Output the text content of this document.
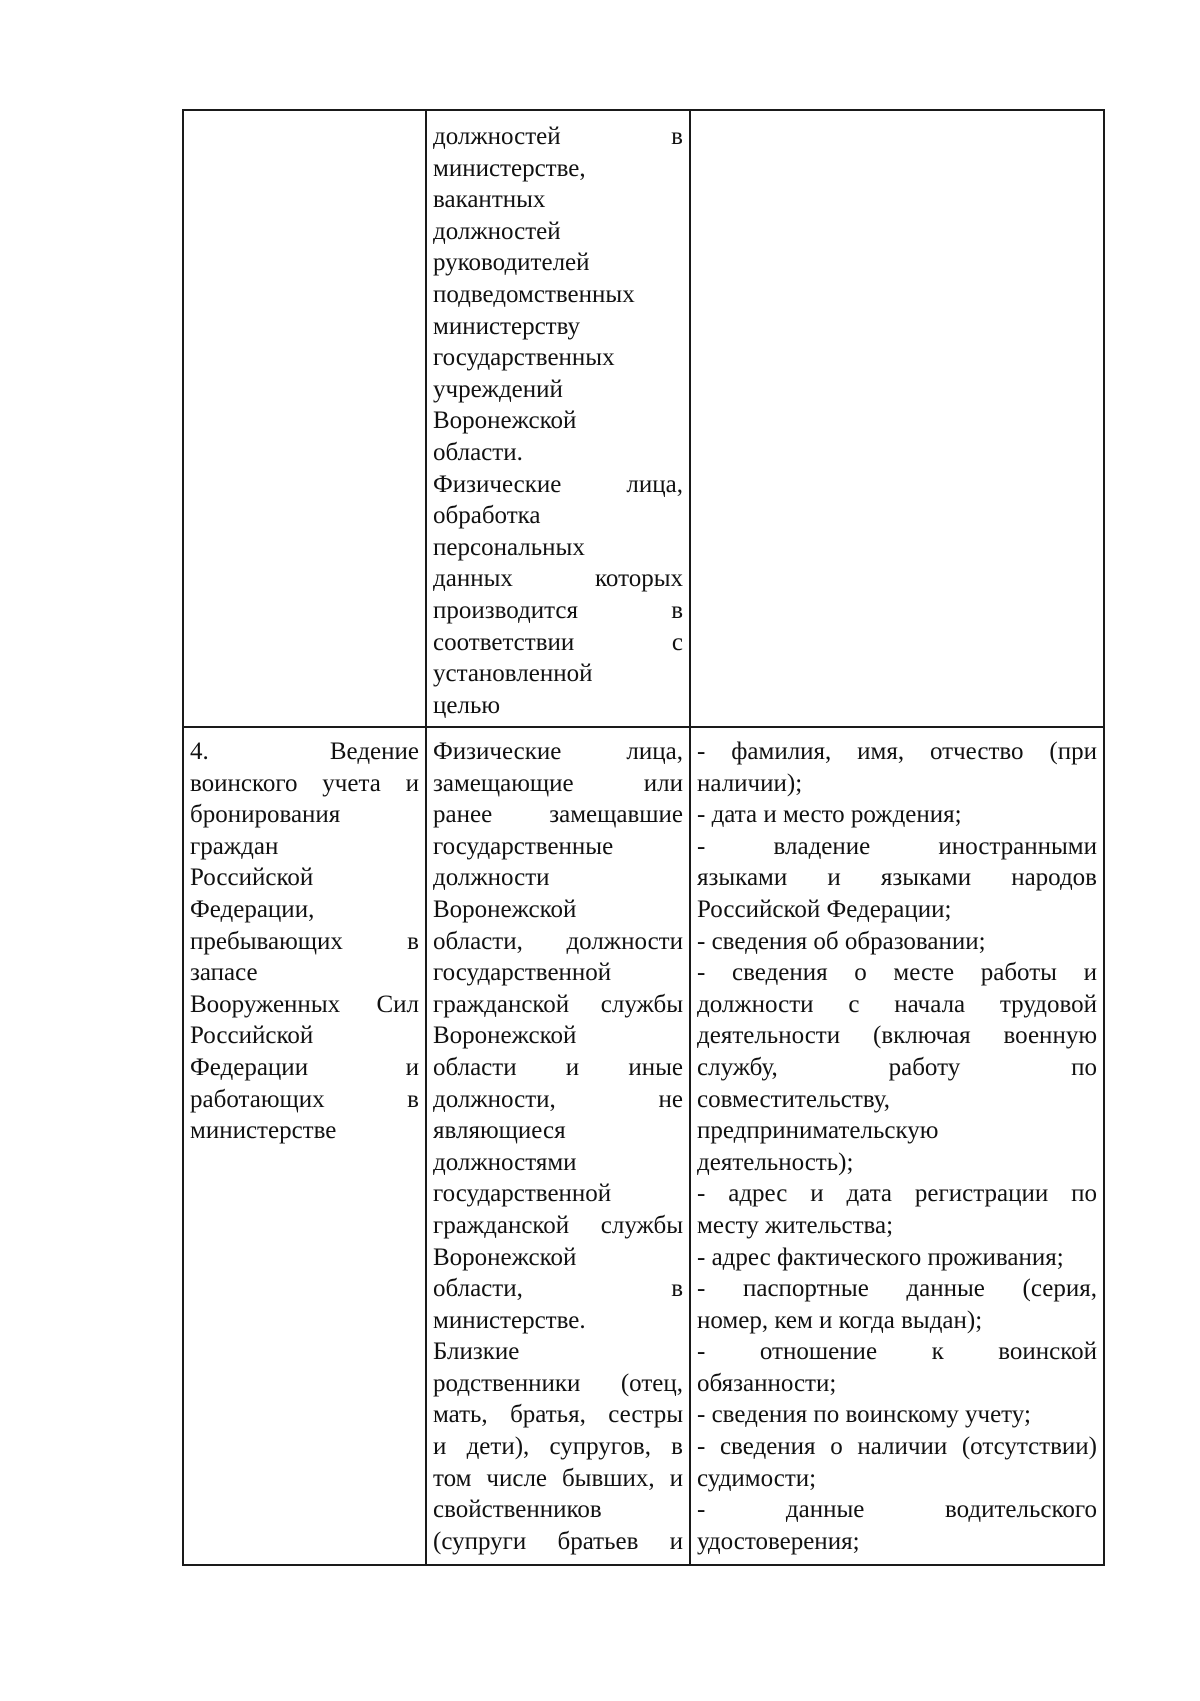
должностей в
министерстве,
вакантных
должностей
руководителей
подведомственных
министерству
государственных
учреждений
Воронежской
области.
Физические лица,
обработка
персональных
данных которых
производится в
соответствии с
установленной
целью
4. Ведение
воинского учета и
бронирования
граждан
Российской
Федерации,
пребывающих в
запасе
Вооруженных Сил
Российской
Федерации и
работающих в
министерстве
Физические лица,
замещающие или
ранее замещавшие
государственные
должности
Воронежской
области, должности
государственной
гражданской службы
Воронежской
области и иные
должности, не
являющиеся
должностями
государственной
гражданской службы
Воронежской
области, в
министерстве.
Близкие
родственники (отец,
мать, братья, сестры
и дети), супругов, в
том числе бывших, и
свойственников
(супруги братьев и
- фамилия, имя, отчество (при
наличии);
- дата и место рождения;
- владение иностранными
языками и языками народов
Российской Федерации;
- сведения об образовании;
- сведения о месте работы и
должности с начала трудовой
деятельности (включая военную
службу, работу по
совместительству,
предпринимательскую
деятельность);
- адрес и дата регистрации по
месту жительства;
- адрес фактического проживания;
- паспортные данные (серия,
номер, кем и когда выдан);
- отношение к воинской
обязанности;
- сведения по воинскому учету;
- сведения о наличии (отсутствии)
судимости;
- данные водительского
удостоверения;
